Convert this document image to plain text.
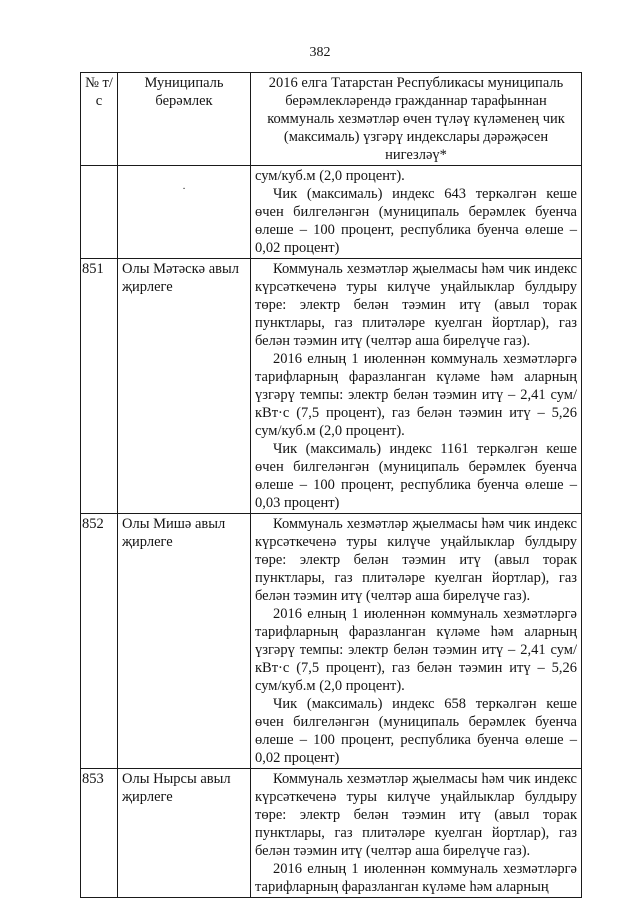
382
№ т/с	Муниципаль берәмлек	2016 елга Татарстан Республикасы муниципаль берәмлекләрендә гражданнар тарафыннан коммуналь хезмәтләр өчен түләү күләменең чик (максималь) үзгәрү индекслары дәрәҗәсен нигезләү*

	·	сум/куб.м (2,0 процент).
Чик (максималь) индекс 643 теркәлгән кеше өчен билгеләнгән (муниципаль берәмлек буенча өлеше – 100 процент, республика буенча өлеше – 0,02 процент)

851	Олы Мәтәскә авыл җирлеге	Коммуналь хезмәтләр җыелмасы һәм чик индекс күрсәткеченә туры килүче уңайлыклар булдыру төре: электр белән тәэмин итү (авыл торак пунктлары, газ плитәләре куелган йортлар), газ белән тәэмин итү (челтәр аша бирелүче газ).
2016 елның 1 июленнән коммуналь хезмәтләргә тарифларның фаразланган күләме һәм аларның үзгәрү темпы: электр белән тәэмин итү – 2,41 сум/кВт·с (7,5 процент), газ белән тәэмин итү – 5,26 сум/куб.м (2,0 процент).
Чик (максималь) индекс 1161 теркәлгән кеше өчен билгеләнгән (муниципаль берәмлек буенча өлеше – 100 процент, республика буенча өлеше – 0,03 процент)

852	Олы Мишә авыл җирлеге	Коммуналь хезмәтләр җыелмасы һәм чик индекс күрсәткеченә туры килүче уңайлыклар булдыру төре: электр белән тәэмин итү (авыл торак пунктлары, газ плитәләре куелган йортлар), газ белән тәэмин итү (челтәр аша бирелүче газ).
2016 елның 1 июленнән коммуналь хезмәтләргә тарифларның фаразланган күләме һәм аларның үзгәрү темпы: электр белән тәэмин итү – 2,41 сум/кВт·с (7,5 процент), газ белән тәэмин итү – 5,26 сум/куб.м (2,0 процент).
Чик (максималь) индекс 658 теркәлгән кеше өчен билгеләнгән (муниципаль берәмлек буенча өлеше – 100 процент, республика буенча өлеше – 0,02 процент)

853	Олы Нырсы авыл җирлеге	Коммуналь хезмәтләр җыелмасы һәм чик индекс күрсәткеченә туры килүче уңайлыклар булдыру төре: электр белән тәэмин итү (авыл торак пунктлары, газ плитәләре куелган йортлар), газ белән тәэмин итү (челтәр аша бирелүче газ).
2016 елның 1 июленнән коммуналь хезмәтләргә тарифларның фаразланган күләме һәм аларның
